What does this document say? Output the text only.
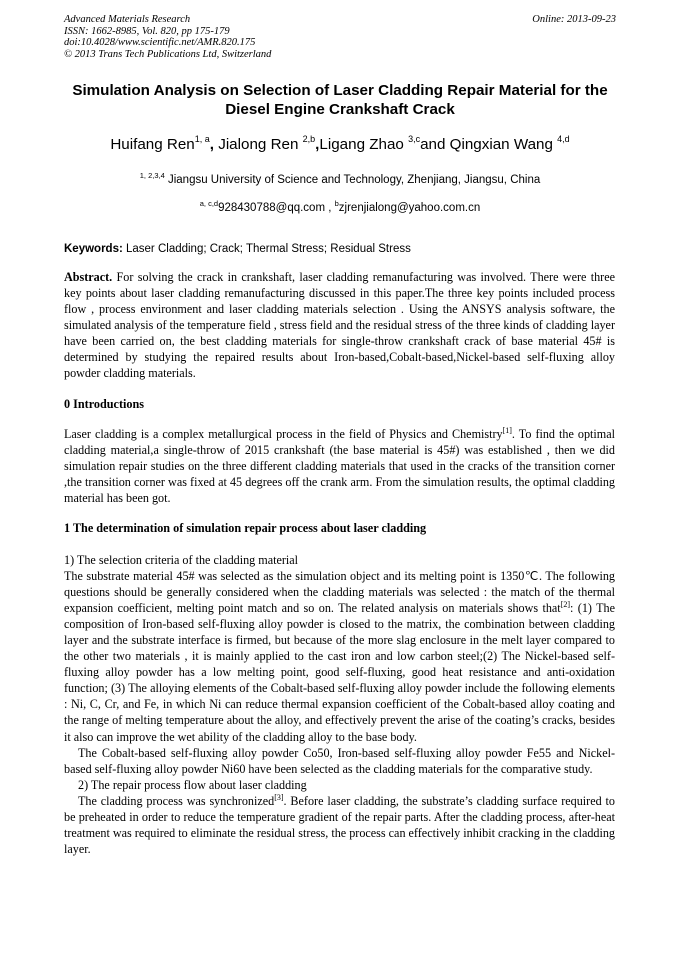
Advanced Materials Research
ISSN: 1662-8985, Vol. 820, pp 175-179
doi:10.4028/www.scientific.net/AMR.820.175
© 2013 Trans Tech Publications Ltd, Switzerland
Online: 2013-09-23
Simulation Analysis on Selection of Laser Cladding Repair Material for the Diesel Engine Crankshaft Crack
Huifang Ren$^{1, a}$, Jialong Ren $^{2,b}$,Ligang Zhao $^{3,c}$and Qingxian Wang $^{4,d}$
$^{1, 2,3,4}$ Jiangsu University of Science and Technology, Zhenjiang, Jiangsu, China
$^{a, c,d}$928430788@qq.com , $^b$zjrenjialong@yahoo.com.cn
Keywords: Laser Cladding; Crack; Thermal Stress; Residual Stress
Abstract. For solving the crack in crankshaft, laser cladding remanufacturing was involved. There were three key points about laser cladding remanufacturing discussed in this paper.The three key points included process flow , process environment and laser cladding materials selection . Using the ANSYS analysis software, the simulated analysis of the temperature field , stress field and the residual stress of the three kinds of cladding layer have been carried on, the best cladding materials for single-throw crankshaft crack of base material 45# is determined by studying the repaired results about Iron-based,Cobalt-based,Nickel-based self-fluxing alloy powder cladding materials.
0 Introductions
Laser cladding is a complex metallurgical process in the field of Physics and Chemistry[1]. To find the optimal cladding material,a single-throw of 2015 crankshaft (the base material is 45#) was established , then we did simulation repair studies on the three different cladding materials that used in the cracks of the transition corner ,the transition corner was fixed at 45 degrees off the crank arm. From the simulation results, the optimal cladding material has been got.
1 The determination of simulation repair process about laser cladding
1) The selection criteria of the cladding material
The substrate material 45# was selected as the simulation object and its melting point is 1350℃. The following questions should be generally considered when the cladding materials was selected : the match of the thermal expansion coefficient, melting point match and so on. The related analysis on materials shows that[2]: (1) The composition of Iron-based self-fluxing alloy powder is closed to the matrix, the combination between cladding layer and the substrate interface is firmed, but because of the more slag enclosure in the melt layer compared to the other two materials , it is mainly applied to the cast iron and low carbon steel;(2) The Nickel-based self-fluxing alloy powder has a low melting point, good self-fluxing, good heat resistance and anti-oxidation function; (3) The alloying elements of the Cobalt-based self-fluxing alloy powder include the following elements : Ni, C, Cr, and Fe, in which Ni can reduce thermal expansion coefficient of the Cobalt-based alloy coating and the range of melting temperature about the alloy, and effectively prevent the arise of the coating’s cracks, besides it also can improve the wet ability of the cladding alloy to the base body.
The Cobalt-based self-fluxing alloy powder Co50, Iron-based self-fluxing alloy powder Fe55 and Nickel-based self-fluxing alloy powder Ni60 have been selected as the cladding materials for the comparative study.
2) The repair process flow about laser cladding
The cladding process was synchronized[3]. Before laser cladding, the substrate’s cladding surface required to be preheated in order to reduce the temperature gradient of the repair parts. After the cladding process, after-heat treatment was required to eliminate the residual stress, the process can effectively inhibit cracking in the cladding layer.
